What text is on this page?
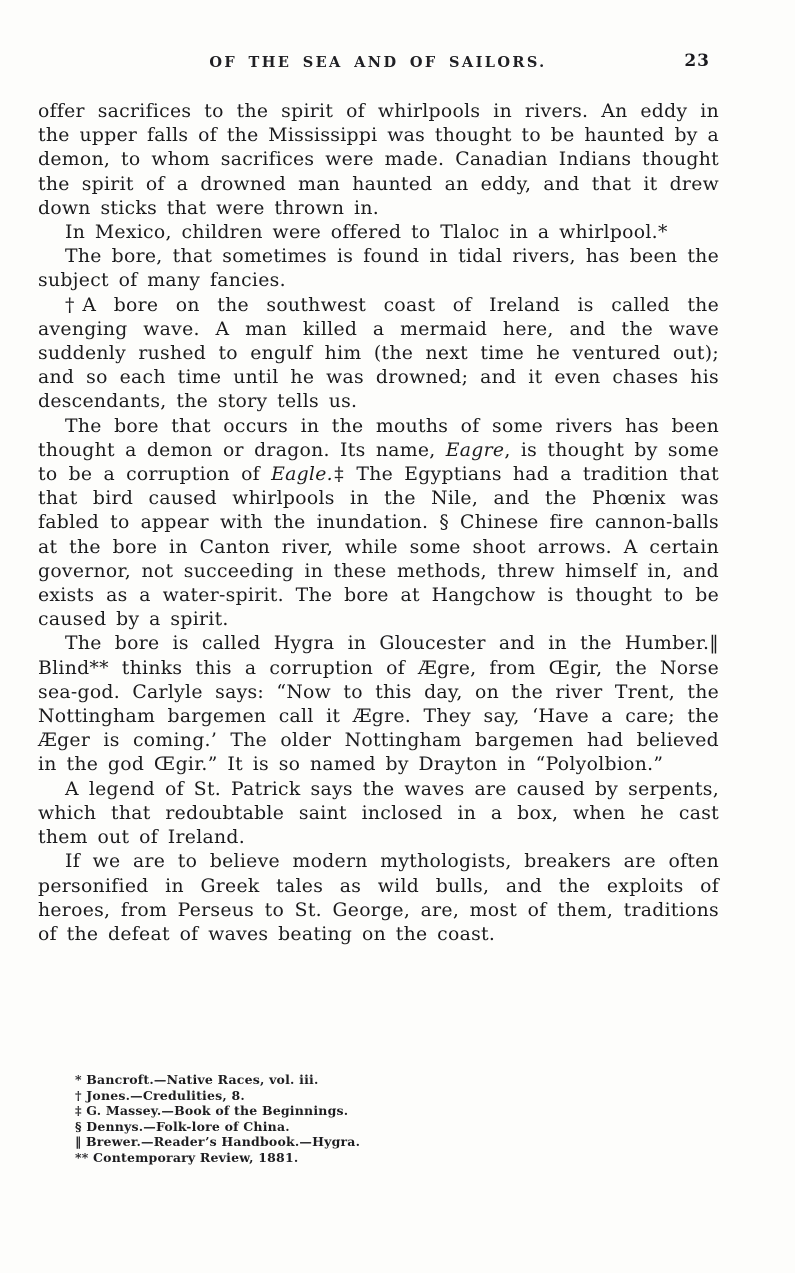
OF THE SEA AND OF SAILORS.	23

offer sacrifices to the spirit of whirlpools in rivers. An eddy in the upper falls of the Mississippi was thought to be haunted by a demon, to whom sacrifices were made. Canadian Indians thought the spirit of a drowned man haunted an eddy, and that it drew down sticks that were thrown in.

In Mexico, children were offered to Tlaloc in a whirlpool.*

The bore, that sometimes is found in tidal rivers, has been the subject of many fancies.

†A bore on the southwest coast of Ireland is called the avenging wave. A man killed a mermaid here, and the wave suddenly rushed to engulf him (the next time he ventured out); and so each time until he was drowned; and it even chases his descendants, the story tells us.

The bore that occurs in the mouths of some rivers has been thought a demon or dragon. Its name, Eagre, is thought by some to be a corruption of Eagle.‡ The Egyptians had a tradition that that bird caused whirlpools in the Nile, and the Phœnix was fabled to appear with the inundation. § Chinese fire cannon-balls at the bore in Canton river, while some shoot arrows. A certain governor, not succeeding in these methods, threw himself in, and exists as a water-spirit. The bore at Hangchow is thought to be caused by a spirit.

The bore is called Hygra in Gloucester and in the Humber.‖ Blind** thinks this a corruption of Ægre, from Œgir, the Norse sea-god. Carlyle says: “Now to this day, on the river Trent, the Nottingham bargemen call it Ægre. They say, ‘Have a care; the Æger is coming.’ The older Nottingham bargemen had believed in the god Œgir.” It is so named by Drayton in “Polyolbion.”

A legend of St. Patrick says the waves are caused by serpents, which that redoubtable saint inclosed in a box, when he cast them out of Ireland.

If we are to believe modern mythologists, breakers are often personified in Greek tales as wild bulls, and the exploits of heroes, from Perseus to St. George, are, most of them, traditions of the defeat of waves beating on the coast.

* Bancroft.—Native Races, vol. iii.
† Jones.—Credulities, 8.
‡ G. Massey.—Book of the Beginnings.
§ Dennys.—Folk-lore of China.
‖ Brewer.—Reader’s Handbook.—Hygra.
** Contemporary Review, 1881.
